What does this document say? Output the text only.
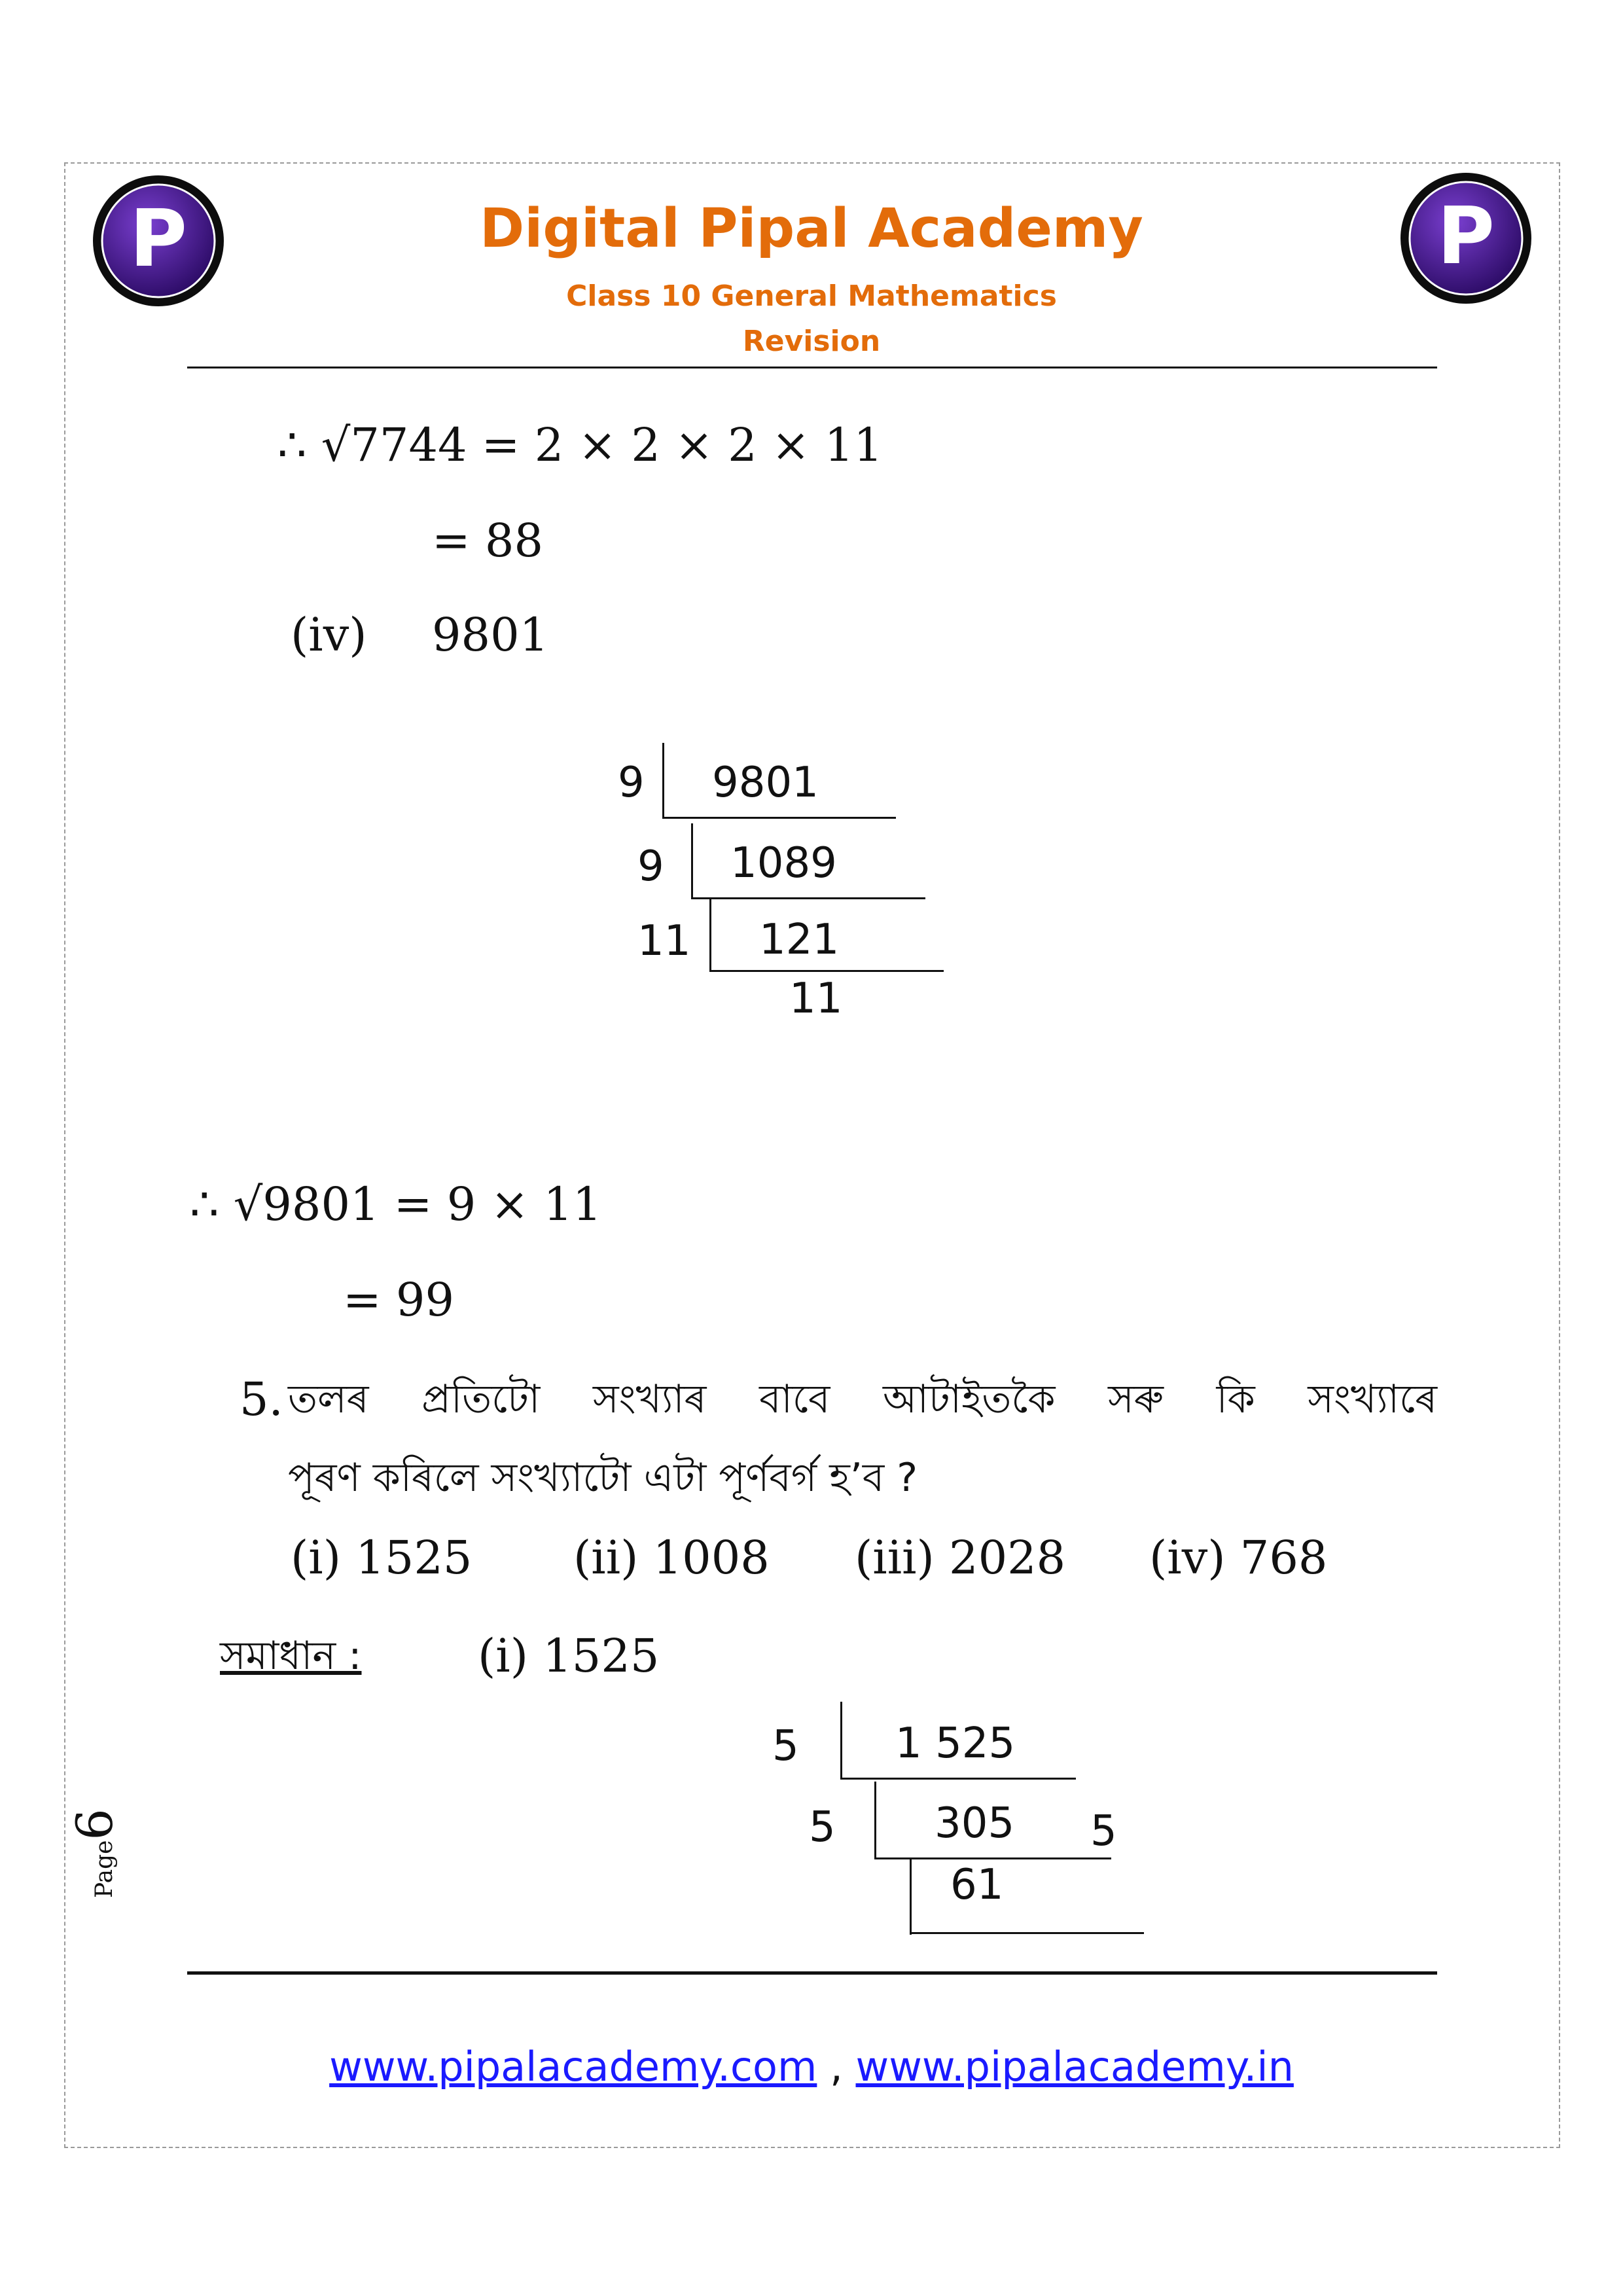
P	P
Digital Pipal Academy
Class 10 General Mathematics
Revision
∴ √7744 = 2 × 2 × 2 × 11
= 88
(iv) 9801
9 9801
9 1089
11 121
11
∴ √9801 = 9 × 11
= 99
5. তলৰ প্ৰতিটো সংখ্যাৰ বাবে আটাইতকৈ সৰু কি সংখ্যাৰে
পূৰণ কৰিলে সংখ্যাটো এটা পূৰ্ণবৰ্গ হ’ব ?
(i) 1525 (ii) 1008 (iii) 2028 (iv) 768
সমাধান :	(i) 1525
5 1 525
5 305 5
61
Page6
www.pipalacademy.com , www.pipalacademy.in
